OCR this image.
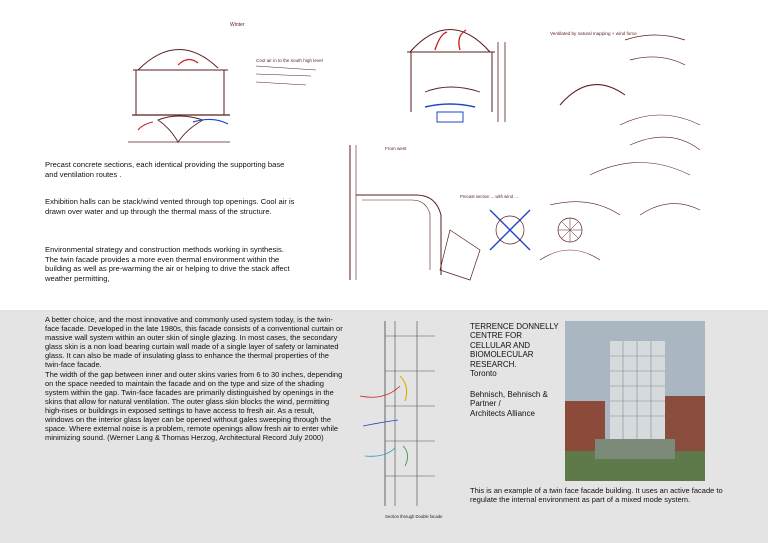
Winter
Cool air in to the south high level
Ventilated by natural mapping + wind force
From west
Precast section ... with wind ...
Precast concrete sections, each identical providing the supporting base and ventilation routes .
Exhibition halls can be stack/wind vented through top openings. Cool air is drawn over water and up through the thermal mass of the structure.
Environmental strategy and construction methods working in synthesis. The twin facade provides a more even thermal environment within the building as well as pre-warming the air or helping to drive the stack affect weather permitting,
A better choice, and the most innovative and commonly used system today, is the twin-face facade. Developed in the late 1980s, this facade consists of a conventional curtain or massive wall system within an outer skin of single glazing. In most cases, the secondary glass skin is a non load bearing curtain wall made of a single layer of safety or laminated glass. It can also be made of insulating glass to enhance the thermal properties of the twin-face facade.
The width of the gap between inner and outer skins varies from 6 to 30 inches, depending on the space needed to maintain the facade and on the type and size of the shading system within the gap. Twin-face facades are primarily distinguished by openings in the skins that allow for natural ventilation. The outer glass skin blocks the wind, permitting high-rises or buildings in exposed settings to have access to fresh air. As a result, windows on the interior glass layer can be opened without gales sweeping through the space. Where external noise is a problem, remote openings allow fresh air to enter while minimizing sound. (Werner Lang & Thomas Herzog, Architectural Record July 2000)
Section through Double facade
TERRENCE DONNELLY
CENTRE FOR
CELLULAR AND
BIOMOLECULAR
RESEARCH.
Toronto
Behnisch, Behnisch &
Partner /
Architects Alliance
This is an example of a twin face facade building. It uses an active facade to regulate the internal environment as part of a mixed mode system.
